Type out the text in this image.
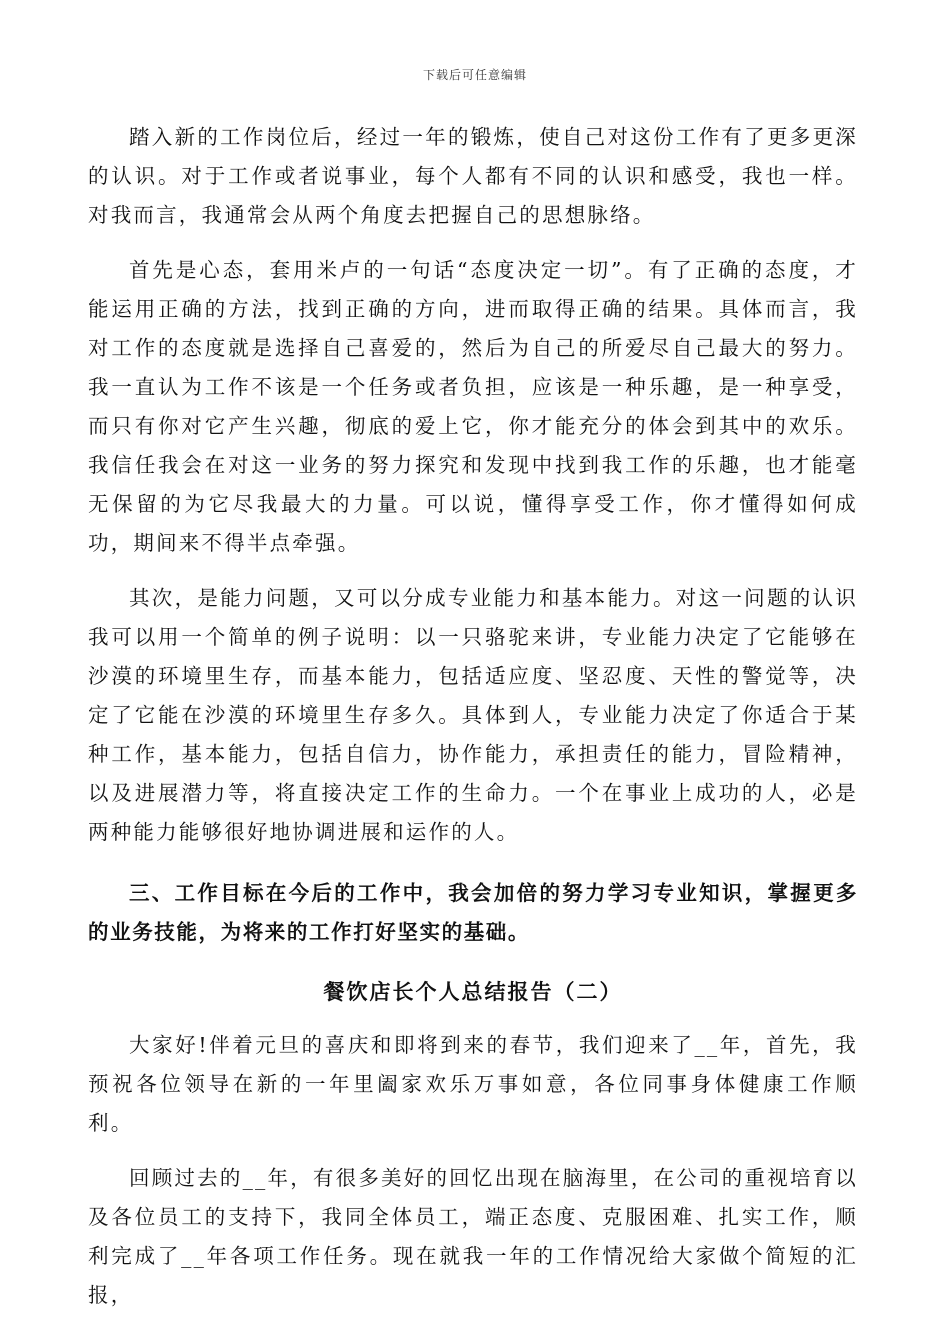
下载后可任意编辑

踏入新的工作岗位后，经过一年的锻炼，使自己对这份工作有了更多更深的认识。对于工作或者说事业，每个人都有不同的认识和感受，我也一样。对我而言，我通常会从两个角度去把握自己的思想脉络。

首先是心态，套用米卢的一句话“态度决定一切”。有了正确的态度，才能运用正确的方法，找到正确的方向，进而取得正确的结果。具体而言，我对工作的态度就是选择自己喜爱的，然后为自己的所爱尽自己最大的努力。我一直认为工作不该是一个任务或者负担，应该是一种乐趣，是一种享受，而只有你对它产生兴趣，彻底的爱上它，你才能充分的体会到其中的欢乐。我信任我会在对这一业务的努力探究和发现中找到我工作的乐趣，也才能毫无保留的为它尽我最大的力量。可以说，懂得享受工作，你才懂得如何成功，期间来不得半点牵强。

其次，是能力问题，又可以分成专业能力和基本能力。对这一问题的认识我可以用一个简单的例子说明：以一只骆驼来讲，专业能力决定了它能够在沙漠的环境里生存，而基本能力，包括适应度、坚忍度、天性的警觉等，决定了它能在沙漠的环境里生存多久。具体到人，专业能力决定了你适合于某种工作，基本能力，包括自信力，协作能力，承担责任的能力，冒险精神，以及进展潜力等，将直接决定工作的生命力。一个在事业上成功的人，必是两种能力能够很好地协调进展和运作的人。

三、工作目标在今后的工作中，我会加倍的努力学习专业知识，掌握更多的业务技能，为将来的工作打好坚实的基础。

餐饮店长个人总结报告（二）

大家好!伴着元旦的喜庆和即将到来的春节，我们迎来了__年，首先，我预祝各位领导在新的一年里阖家欢乐万事如意，各位同事身体健康工作顺利。

回顾过去的__年，有很多美好的回忆出现在脑海里，在公司的重视培育以及各位员工的支持下，我同全体员工，端正态度、克服困难、扎实工作，顺利完成了__年各项工作任务。现在就我一年的工作情况给大家做个简短的汇报，
